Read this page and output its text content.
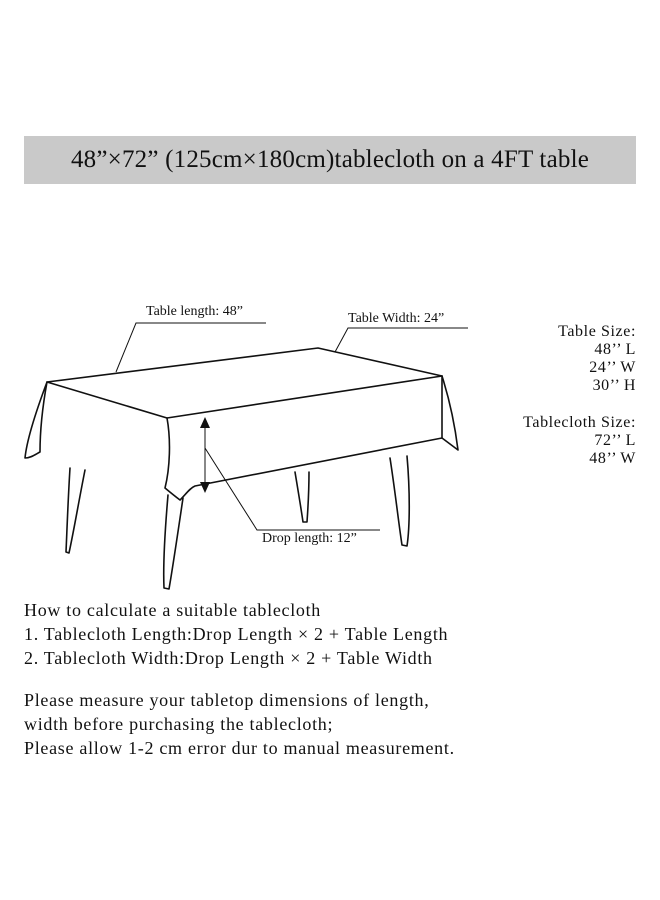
48”×72” (125cm×180cm)tablecloth on a 4FT table
Table length: 48”	Table Width: 24”
Drop length: 12”
Table Size:
48’’ L
24’’ W
30’’ H
Tablecloth Size:
72’’ L
48’’ W
How to calculate a suitable tablecloth
1. Tablecloth Length:Drop Length × 2 + Table Length
2. Tablecloth Width:Drop Length × 2 + Table Width
Please measure your tabletop dimensions of length,
width before purchasing the tablecloth;
Please allow 1-2 cm error dur to manual measurement.
